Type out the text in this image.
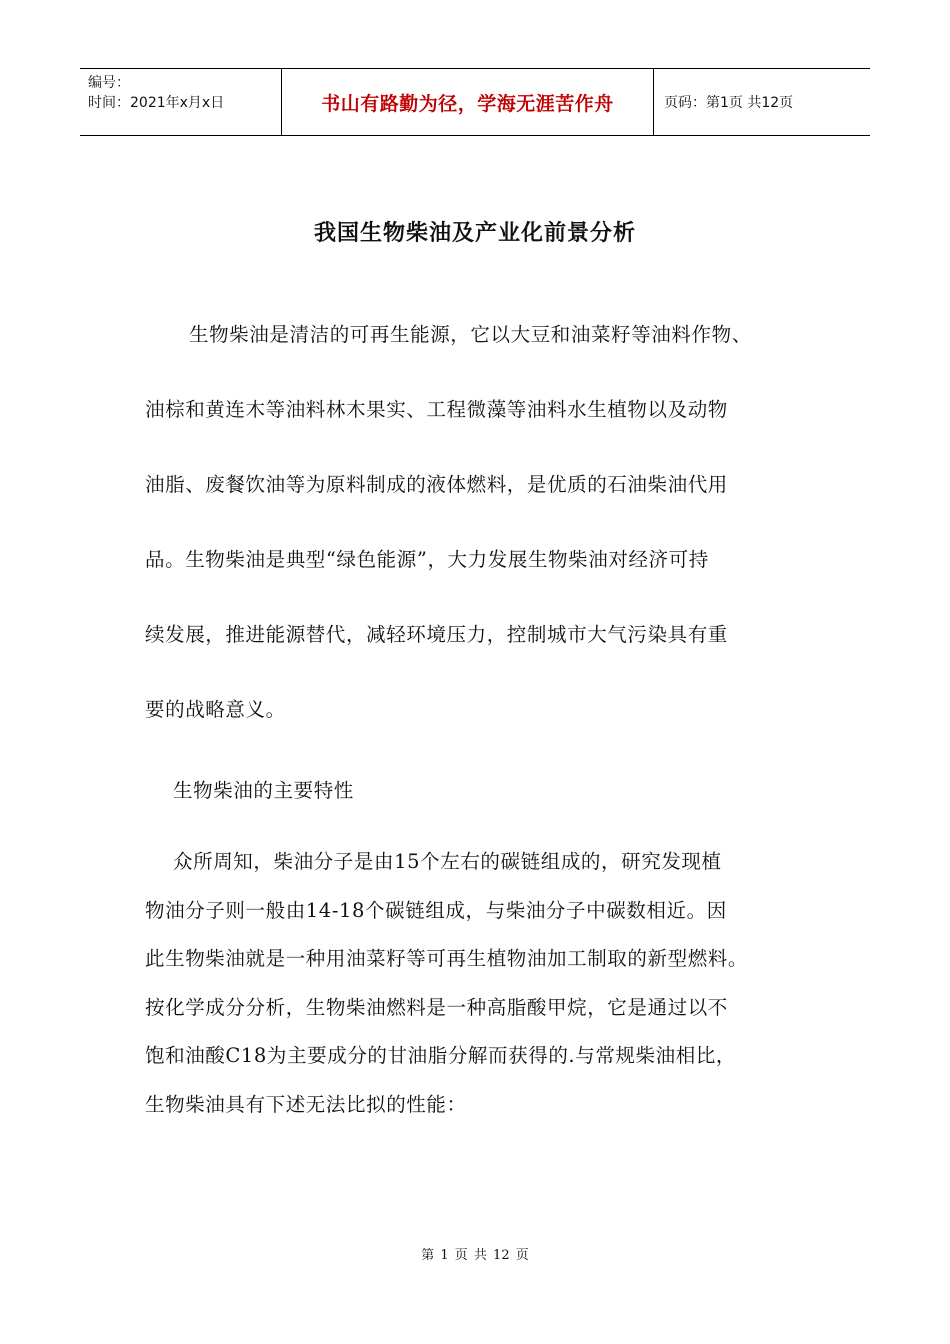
编号：
时间：2021年x月x日	书山有路勤为径，学海无涯苦作舟	页码：第1页 共12页
我国生物柴油及产业化前景分析
生物柴油是清洁的可再生能源，它以大豆和油菜籽等油料作物、
油棕和黄连木等油料林木果实、工程微藻等油料水生植物以及动物
油脂、废餐饮油等为原料制成的液体燃料，是优质的石油柴油代用
品。生物柴油是典型“绿色能源”，大力发展生物柴油对经济可持
续发展，推进能源替代，减轻环境压力，控制城市大气污染具有重
要的战略意义。
生物柴油的主要特性
众所周知，柴油分子是由15个左右的碳链组成的，研究发现植
物油分子则一般由14-18个碳链组成，与柴油分子中碳数相近。因
此生物柴油就是一种用油菜籽等可再生植物油加工制取的新型燃料。
按化学成分分析，生物柴油燃料是一种高脂酸甲烷，它是通过以不
饱和油酸C18为主要成分的甘油脂分解而获得的.与常规柴油相比，
生物柴油具有下述无法比拟的性能：
第 1 页 共 12 页
